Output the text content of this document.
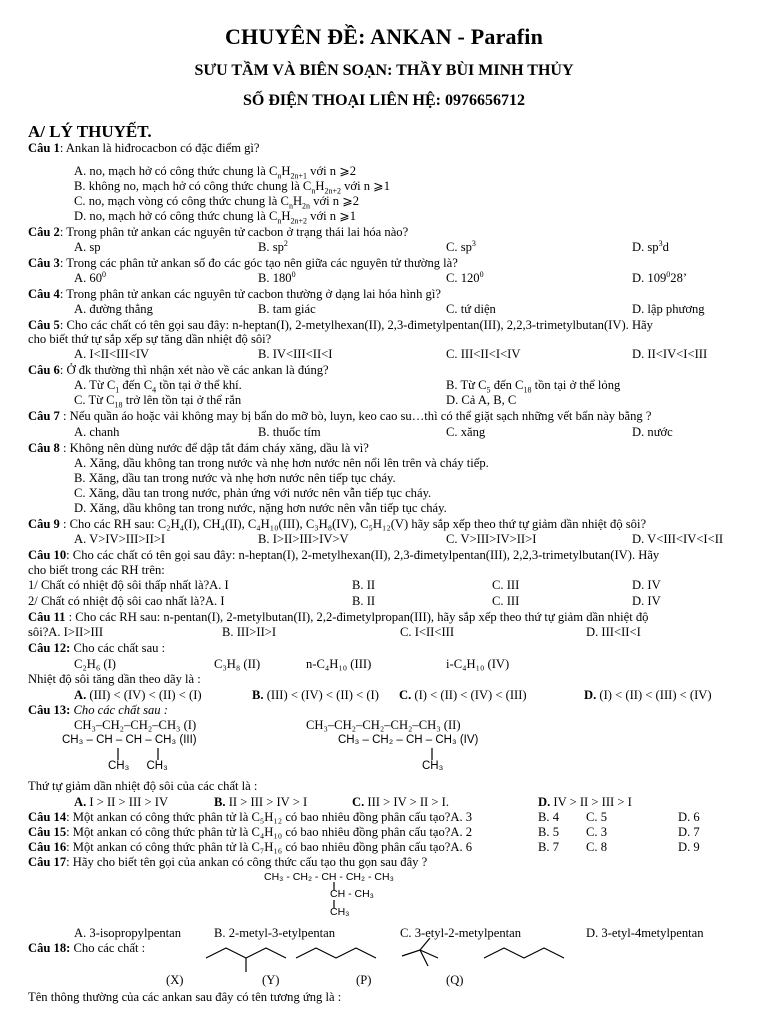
CHUYÊN ĐỀ: ANKAN - Parafin
SƯU TẦM VÀ BIÊN SOẠN: THẦY BÙI MINH THỦY
SỐ ĐIỆN THOẠI LIÊN HỆ: 0976656712
A/ LÝ THUYẾT.
Câu 1: Ankan là hiđrocacbon có đặc điểm gì?
A. no, mạch hở có công thức chung là $C_nH_{2n+1}$ với n ⩾2
B. không no, mạch hở có công thức chung là $C_nH_{2n+2}$ với n ⩾1
C. no, mạch vòng có công thức chung là $C_nH_{2n}$ với n ⩾2
D. no, mạch hở có công thức chung là $C_nH_{2n+2}$ với n ⩾1
Câu 2: Trong phân tử ankan các nguyên tử cacbon ở trạng thái lai hóa nào?
A. sp	B. $sp^2$	C. $sp^3$	D. $sp^3d$
Câu 3: Trong các phân tử ankan số đo các góc tạo nên giữa các nguyên tử thường là?
A. $60^0$	B. $180^0$	C. $120^0$	D. $109^028$’
Câu 4: Trong phân tử ankan các nguyên tử cacbon thường ở dạng lai hóa hình gì?
A. đường thẳng	B. tam giác	C. tứ diện	D. lập phương
Câu 5: Cho các chất có tên gọi sau đây: n-heptan(I), 2-metylhexan(II), 2,3-đimetylpentan(III), 2,2,3-trimetylbutan(IV). Hãy
cho biết thứ tự sắp xếp sự tăng dần nhiệt độ sôi?
A. I<II<III<IV	B. IV<III<II<I	C. III<II<I<IV	D. II<IV<I<III
Câu 6: Ở đk thường thì nhận xét nào về các ankan là đúng?
A. Từ $C_1$ đến $C_4$ tồn tại ở thể khí.	B. Từ $C_5$ đến $C_{18}$ tồn tại ở thể lỏng
C. Từ $C_{18}$ trở lên tồn tại ở thể rắn	D. Cả A, B, C
Câu 7 : Nếu quần áo hoặc vải không may bị bẩn do mỡ bò, luyn, keo cao su…thì có thể giặt sạch những vết bẩn này bằng ?
A. chanh	B. thuốc tím	C. xăng	D. nước
Câu 8 : Không nên dùng nước để dập tắt đám cháy xăng, dầu là vì?
A. Xăng, dầu không tan trong nước và nhẹ hơn nước nên nổi lên trên và cháy tiếp.
B. Xăng, dầu tan trong nước và nhẹ hơn nước nên tiếp tục cháy.
C. Xăng, dầu tan trong nước, phản ứng với nước nên vẫn tiếp tục cháy.
D. Xăng, dầu không tan trong nước, nặng hơn nước nên vẫn tiếp tục cháy.
Câu 9 : Cho các RH sau: C₂H₄(I), CH₄(II), C₄H₁₀(III), C₃H₈(IV), C₅H₁₂(V) hãy sắp xếp theo thứ tự giảm dần nhiệt độ sôi?
A. V>IV>III>II>I	B. I>II>III>IV>V	C. V>III>IV>II>I	D. V<III<IV<I<II
Câu 10: Cho các chất có tên gọi sau đây: n-heptan(I), 2-metylhexan(II), 2,3-đimetylpentan(III), 2,2,3-trimetylbutan(IV). Hãy
cho biết trong các RH trên:
1/ Chất có nhiệt độ sôi thấp nhất là?A. I	B. II	C. III	D. IV
2/ Chất có nhiệt độ sôi cao nhất là?A. I	B. II	C. III	D. IV
Câu 11 : Cho các RH sau: n-pentan(I), 2-metylbutan(II), 2,2-đimetylpropan(III), hãy sắp xếp theo thứ tự giảm dần nhiệt độ
sôi?A. I>II>III	B. III>II>I	C. I<II<III	D. III<II<I
Câu 12: Cho các chất sau :
C₂H₆ (I)	C₃H₈ (II)	n-C₄H₁₀ (III)	i-C₄H₁₀ (IV)
Nhiệt độ sôi tăng dần theo dãy là :
A. (III) < (IV) < (II) < (I)	B. (III) < (IV) < (II) < (I) C. (I) < (II) < (IV) < (III)	D. (I) < (II) < (III) < (IV)
Câu 13: Cho các chất sau :
CH₃–CH₂–CH₂–CH₃ (I)	CH₃–CH₂–CH₂–CH₂–CH₃ (II)
CH₃ – CH – CH – CH₃ (III)
CH₃ CH₃
CH₃ – CH₂ – CH – CH₃ (IV)
CH₃
Thứ tự giảm dần nhiệt độ sôi của các chất là :
A. I > II > III > IV	B. II > III > IV > I	C. III > IV > II > I.	D. IV > II > III > I
Câu 14: Một ankan có công thức phân tử là C₅H₁₂ có bao nhiêu đồng phân cấu tạo?A. 3	B. 4 C. 5	D. 6
Câu 15: Một ankan có công thức phân tử là C₄H₁₀ có bao nhiêu đồng phân cấu tạo?A. 2	B. 5 C. 3	D. 7
Câu 16: Một ankan có công thức phân tử là C₇H₁₆ có bao nhiêu đồng phân cấu tạo?A. 6	B. 7 C. 8	D. 9
Câu 17: Hãy cho biết tên gọi của ankan có công thức cấu tạo thu gọn sau đây ?
CH₃ - CH₂ - CH - CH₂ - CH₃
CH - CH₃
CH₃
A. 3-isopropylpentan	B. 2-metyl-3-etylpentan	C. 3-etyl-2-metylpentan	D. 3-etyl-4metylpentan
Câu 18: Cho các chất :
(X)	(Y)	(P)	(Q)
Tên thông thường của các ankan sau đây có tên tương ứng là :
